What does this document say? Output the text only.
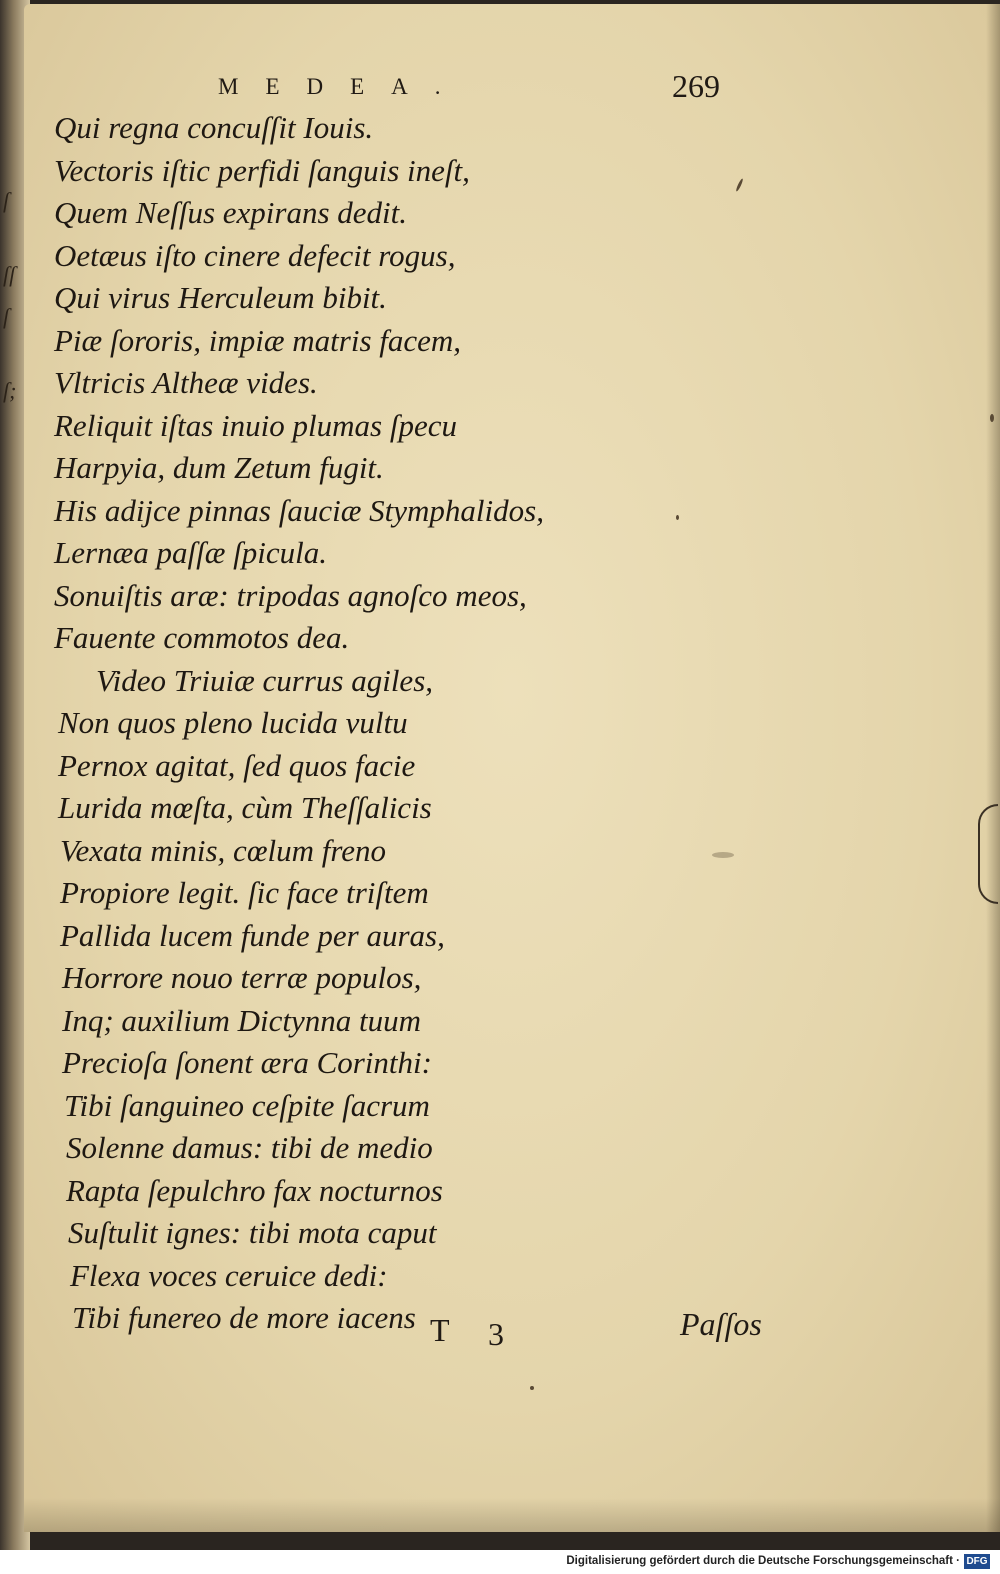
ſ
ſſ
ſ
ſ;
MEDEA.	269
Qui regna concuſſit Iouis.
Vectoris iſtic perfidi ſanguis ineſt,
Quem Neſſus expirans dedit.
Oetæus iſto cinere defecit rogus,
Qui virus Herculeum bibit.
Piæ ſororis, impiæ matris facem,
Vltricis Altheæ vides.
Reliquit iſtas inuio plumas ſpecu
Harpyia, dum Zetum fugit.
His adijce pinnas ſauciæ Stymphalidos,
Lernæa paſſæ ſpicula.
Sonuiſtis aræ: tripodas agnoſco meos,
Fauente commotos dea.
Video Triuiæ currus agiles,
Non quos pleno lucida vultu
Pernox agitat, ſed quos facie
Lurida mœſta, cùm Theſſalicis
Vexata minis, cœlum freno
Propiore legit. ſic face triſtem
Pallida lucem funde per auras,
Horrore nouo terræ populos,
Inq; auxilium Dictynna tuum
Precioſa ſonent æra Corinthi:
Tibi ſanguineo ceſpite ſacrum
Solenne damus: tibi de medio
Rapta ſepulchro fax nocturnos
Suſtulit ignes: tibi mota caput
Flexa voces ceruice dedi:
Tibi funereo de more iacens T 3	Paſſos
Digitalisierung gefördert durch die Deutsche Forschungsgemeinschaft · DFG
